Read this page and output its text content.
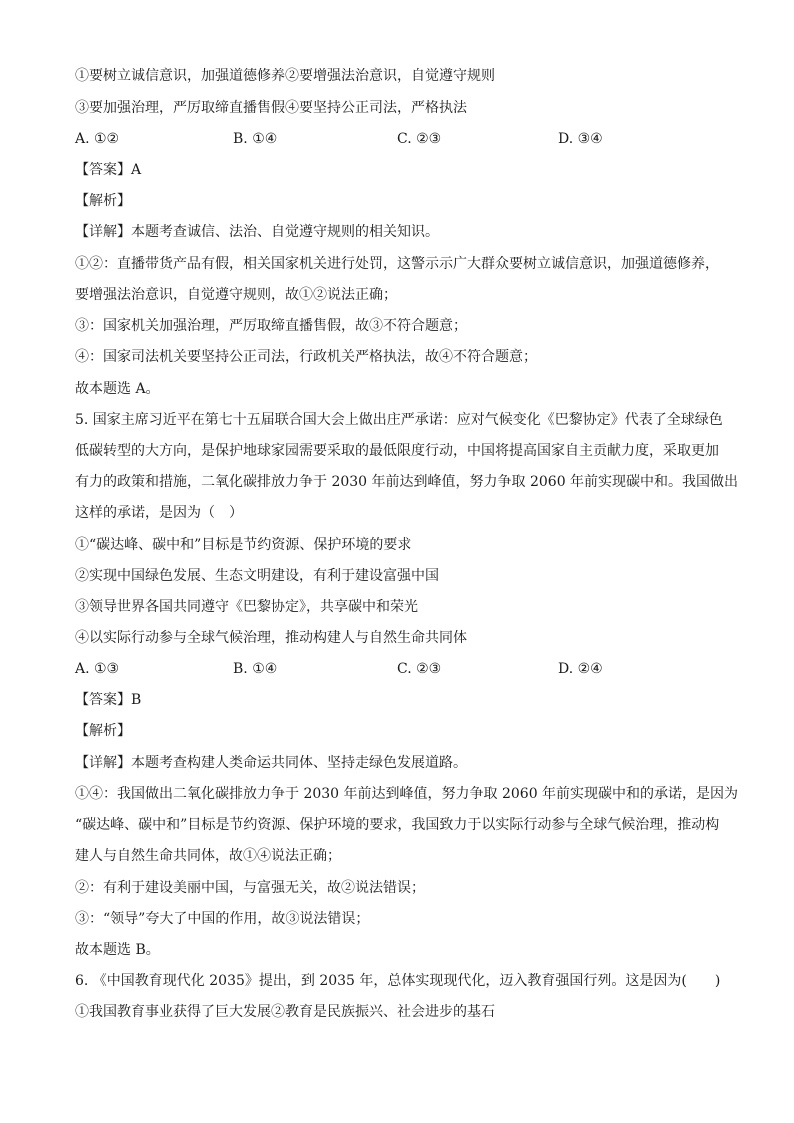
①要树立诚信意识，加强道德修养②要增强法治意识，自觉遵守规则
③要加强治理，严厉取缔直播售假④要坚持公正司法，严格执法
A. ①②	B. ①④	C. ②③	D. ③④
【答案】A
【解析】
【详解】本题考查诚信、法治、自觉遵守规则的相关知识。
①②：直播带货产品有假，相关国家机关进行处罚，这警示示广大群众要树立诚信意识，加强道德修养，
要增强法治意识，自觉遵守规则，故①②说法正确；
③：国家机关加强治理，严厉取缔直播售假，故③不符合题意；
④：国家司法机关要坚持公正司法，行政机关严格执法，故④不符合题意；
故本题选 A。
5. 国家主席习近平在第七十五届联合国大会上做出庄严承诺：应对气候变化《巴黎协定》代表了全球绿色
低碳转型的大方向，是保护地球家园需要采取的最低限度行动，中国将提高国家自主贡献力度，采取更加
有力的政策和措施，二氧化碳排放力争于 2030 年前达到峰值，努力争取 2060 年前实现碳中和。我国做出
这样的承诺，是因为（　）
①“碳达峰、碳中和”目标是节约资源、保护环境的要求
②实现中国绿色发展、生态文明建设，有利于建设富强中国
③领导世界各国共同遵守《巴黎协定》，共享碳中和荣光
④以实际行动参与全球气候治理，推动构建人与自然生命共同体
A. ①③	B. ①④	C. ②③	D. ②④
【答案】B
【解析】
【详解】本题考查构建人类命运共同体、坚持走绿色发展道路。
①④：我国做出二氧化碳排放力争于 2030 年前达到峰值，努力争取 2060 年前实现碳中和的承诺，是因为
“碳达峰、碳中和”目标是节约资源、保护环境的要求，我国致力于以实际行动参与全球气候治理，推动构
建人与自然生命共同体，故①④说法正确；
②：有利于建设美丽中国，与富强无关，故②说法错误；
③：“领导”夸大了中国的作用，故③说法错误；
故本题选 B。
6. 《中国教育现代化 2035》提出，到 2035 年，总体实现现代化，迈入教育强国行列。这是因为(　　)
①我国教育事业获得了巨大发展②教育是民族振兴、社会进步的基石
